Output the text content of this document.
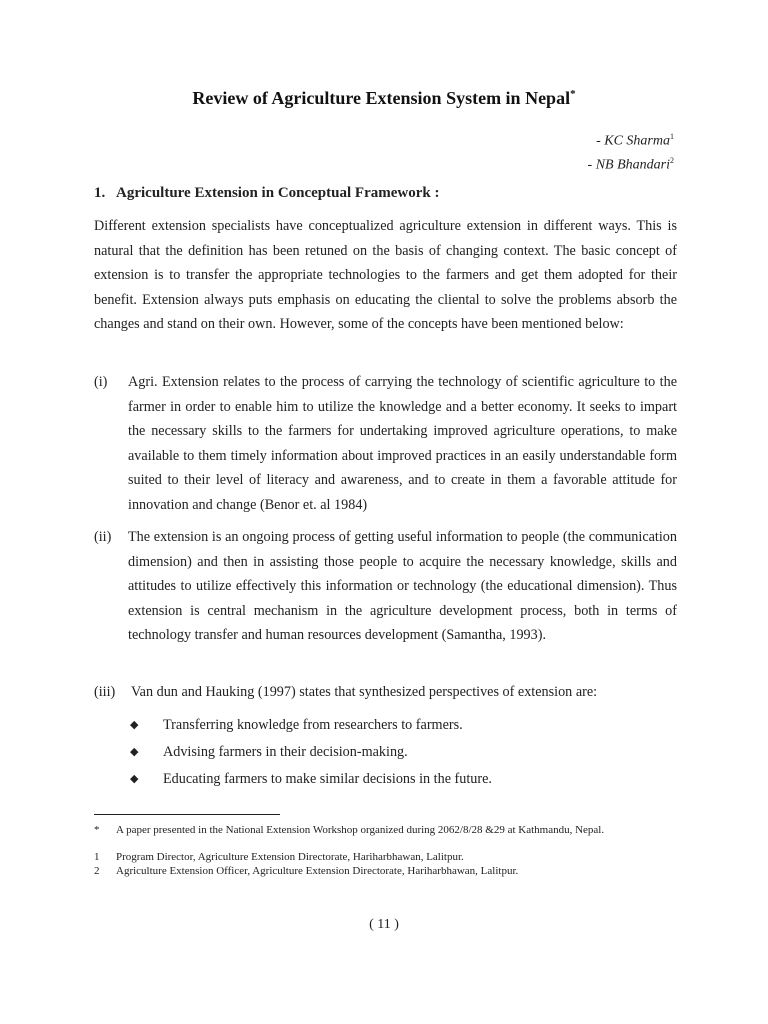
Review of Agriculture Extension System in Nepal*
- KC Sharma$^1$
- NB Bhandari$^2$
1. Agriculture Extension in Conceptual Framework :

Different extension specialists have conceptualized agriculture extension in different ways. This is natural that the definition has been retuned on the basis of changing context. The basic concept of extension is to transfer the appropriate technologies to the farmers and get them adopted for their benefit. Extension always puts emphasis on educating the cliental to solve the problems absorb the changes and stand on their own. However, some of the concepts have been mentioned below:

(i) Agri. Extension relates to the process of carrying the technology of scientific agriculture to the farmer in order to enable him to utilize the knowledge and a better economy. It seeks to impart the necessary skills to the farmers for undertaking improved agriculture operations, to make available to them timely information about improved practices in an easily understandable form suited to their level of literacy and awareness, and to create in them a favorable attitude for innovation and change (Benor et. al 1984)
(ii) The extension is an ongoing process of getting useful information to people (the communication dimension) and then in assisting those people to acquire the necessary knowledge, skills and attitudes to utilize effectively this information or technology (the educational dimension). Thus extension is central mechanism in the agriculture development process, both in terms of technology transfer and human resources development (Samantha, 1993).
(iii) Van dun and Hauking (1997) states that synthesized perspectives of extension are:
◆ Transferring knowledge from researchers to farmers.
◆ Advising farmers in their decision-making.
◆ Educating farmers to make similar decisions in the future.
* A paper presented in the National Extension Workshop organized during 2062/8/28 &29 at Kathmandu, Nepal.
1 Program Director, Agriculture Extension Directorate, Hariharbhawan, Lalitpur.
2 Agriculture Extension Officer, Agriculture Extension Directorate, Hariharbhawan, Lalitpur.
( 11 )
